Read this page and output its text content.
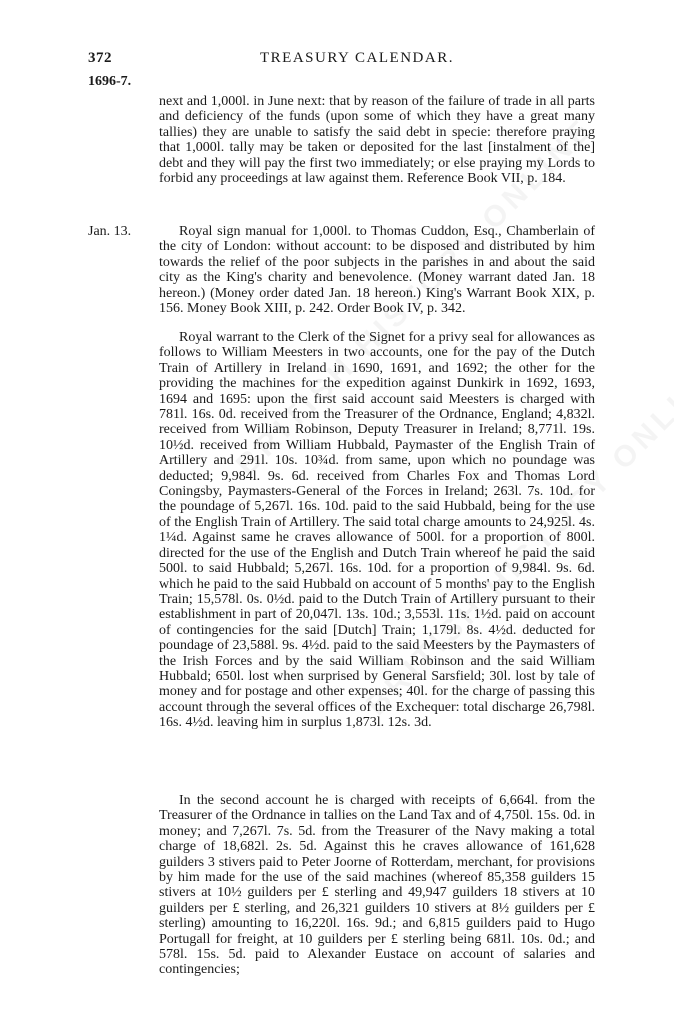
372	TREASURY CALENDAR.
1696-7.
next and 1,000l. in June next: that by reason of the failure of trade in all parts and deficiency of the funds (upon some of which they have a great many tallies) they are unable to satisfy the said debt in specie: therefore praying that 1,000l. tally may be taken or deposited for the last [instalment of the] debt and they will pay the first two immediately; or else praying my Lords to forbid any proceedings at law against them. Reference Book VII, p. 184.
Jan. 13.	Royal sign manual for 1,000l. to Thomas Cuddon, Esq., Chamberlain of the city of London: without account: to be disposed and distributed by him towards the relief of the poor subjects in the parishes in and about the said city as the King's charity and benevolence. (Money warrant dated Jan. 18 hereon.) (Money order dated Jan. 18 hereon.) King's Warrant Book XIX, p. 156. Money Book XIII, p. 242. Order Book IV, p. 342.
Royal warrant to the Clerk of the Signet for a privy seal for allowances as follows to William Meesters in two accounts, one for the pay of the Dutch Train of Artillery in Ireland in 1690, 1691, and 1692; the other for the providing the machines for the expedition against Dunkirk in 1692, 1693, 1694 and 1695: upon the first said account said Meesters is charged with 781l. 16s. 0d. received from the Treasurer of the Ordnance, England; 4,832l. received from William Robinson, Deputy Treasurer in Ireland; 8,771l. 19s. 10½d. received from William Hubbald, Paymaster of the English Train of Artillery and 291l. 10s. 10¾d. from same, upon which no poundage was deducted; 9,984l. 9s. 6d. received from Charles Fox and Thomas Lord Coningsby, Paymasters-General of the Forces in Ireland; 263l. 7s. 10d. for the poundage of 5,267l. 16s. 10d. paid to the said Hubbald, being for the use of the English Train of Artillery. The said total charge amounts to 24,925l. 4s. 1¼d. Against same he craves allowance of 500l. for a proportion of 800l. directed for the use of the English and Dutch Train whereof he paid the said 500l. to said Hubbald; 5,267l. 16s. 10d. for a proportion of 9,984l. 9s. 6d. which he paid to the said Hubbald on account of 5 months' pay to the English Train; 15,578l. 0s. 0½d. paid to the Dutch Train of Artillery pursuant to their establishment in part of 20,047l. 13s. 10d.; 3,553l. 11s. 1½d. paid on account of contingencies for the said [Dutch] Train; 1,179l. 8s. 4½d. deducted for poundage of 23,588l. 9s. 4½d. paid to the said Meesters by the Paymasters of the Irish Forces and by the said William Robinson and the said William Hubbald; 650l. lost when surprised by General Sarsfield; 30l. lost by tale of money and for postage and other expenses; 40l. for the charge of passing this account through the several offices of the Exchequer: total discharge 26,798l. 16s. 4½d. leaving him in surplus 1,873l. 12s. 3d.
In the second account he is charged with receipts of 6,664l. from the Treasurer of the Ordnance in tallies on the Land Tax and of 4,750l. 15s. 0d. in money; and 7,267l. 7s. 5d. from the Treasurer of the Navy making a total charge of 18,682l. 2s. 5d. Against this he craves allowance of 161,628 guilders 3 stivers paid to Peter Joorne of Rotterdam, merchant, for provisions by him made for the use of the said machines (whereof 85,358 guilders 15 stivers at 10½ guilders per £ sterling and 49,947 guilders 18 stivers at 10 guilders per £ sterling, and 26,321 guilders 10 stivers at 8½ guilders per £ sterling) amounting to 16,220l. 16s. 9d.; and 6,815 guilders paid to Hugo Portugall for freight, at 10 guilders per £ sterling being 681l. 10s. 0d.; and 578l. 15s. 5d. paid to Alexander Eustace on account of salaries and contingencies;
